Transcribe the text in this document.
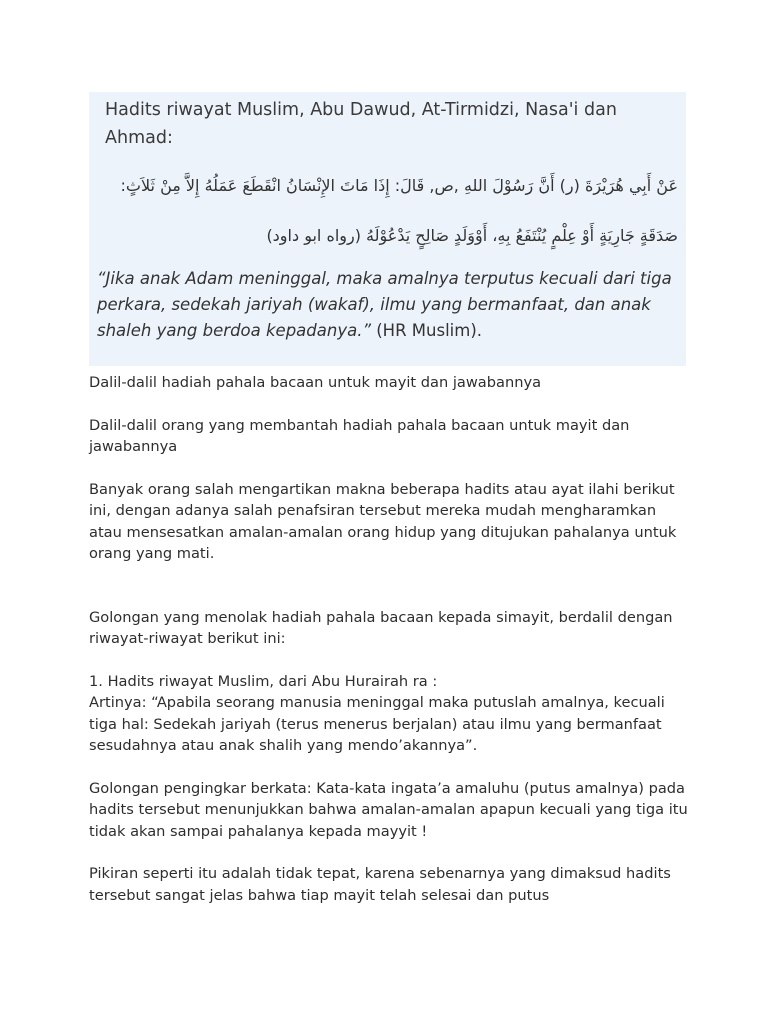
Hadits riwayat Muslim, Abu Dawud, At-Tirmidzi, Nasa'i dan Ahmad:

عَنْ أَبِي هُرَيْرَةَ (ر) أَنَّ رَسُوْلَ اللهِ ,ص, قَالَ: إِذَا مَاتَ الإِنْسَانُ انْقَطَعَ عَمَلُهُ إِلاَّ مِنْ ثَلاَثٍ:
صَدَقَةٍ جَارِيَةٍ أَوْ عِلْمٍ يُنْتَفَعُ بِهِ، أَوْوَلَدٍ صَالِحٍ يَدْعُوْلَهُ (رواه ابو داود)
“Jika anak Adam meninggal, maka amalnya terputus kecuali dari tiga perkara, sedekah jariyah (wakaf), ilmu yang bermanfaat, dan anak shaleh yang berdoa kepadanya.” (HR Muslim).

Dalil-dalil hadiah pahala bacaan untuk mayit dan jawabannya

Dalil-dalil orang yang membantah hadiah pahala bacaan untuk mayit dan jawabannya

Banyak orang salah mengartikan makna beberapa hadits atau ayat ilahi berikut ini, dengan adanya salah penafsiran tersebut mereka mudah mengharamkan atau mensesatkan amalan-amalan orang hidup yang ditujukan pahalanya untuk orang yang mati.

Golongan yang menolak hadiah pahala bacaan kepada simayit, berdalil dengan riwayat-riwayat berikut ini:

1. Hadits riwayat Muslim, dari Abu Hurairah ra :

Artinya: “Apabila seorang manusia meninggal maka putuslah amalnya, kecuali tiga hal: Sedekah jariyah (terus menerus berjalan) atau ilmu yang bermanfaat sesudahnya atau anak shalih yang mendo’akannya”.

Golongan pengingkar berkata: Kata-kata ingata’a amaluhu (putus amalnya) pada hadits tersebut menunjukkan bahwa amalan-amalan apapun kecuali yang tiga itu tidak akan sampai pahalanya kepada mayyit !

Pikiran seperti itu adalah tidak tepat, karena sebenarnya yang dimaksud hadits tersebut sangat jelas bahwa tiap mayit telah selesai dan putus
